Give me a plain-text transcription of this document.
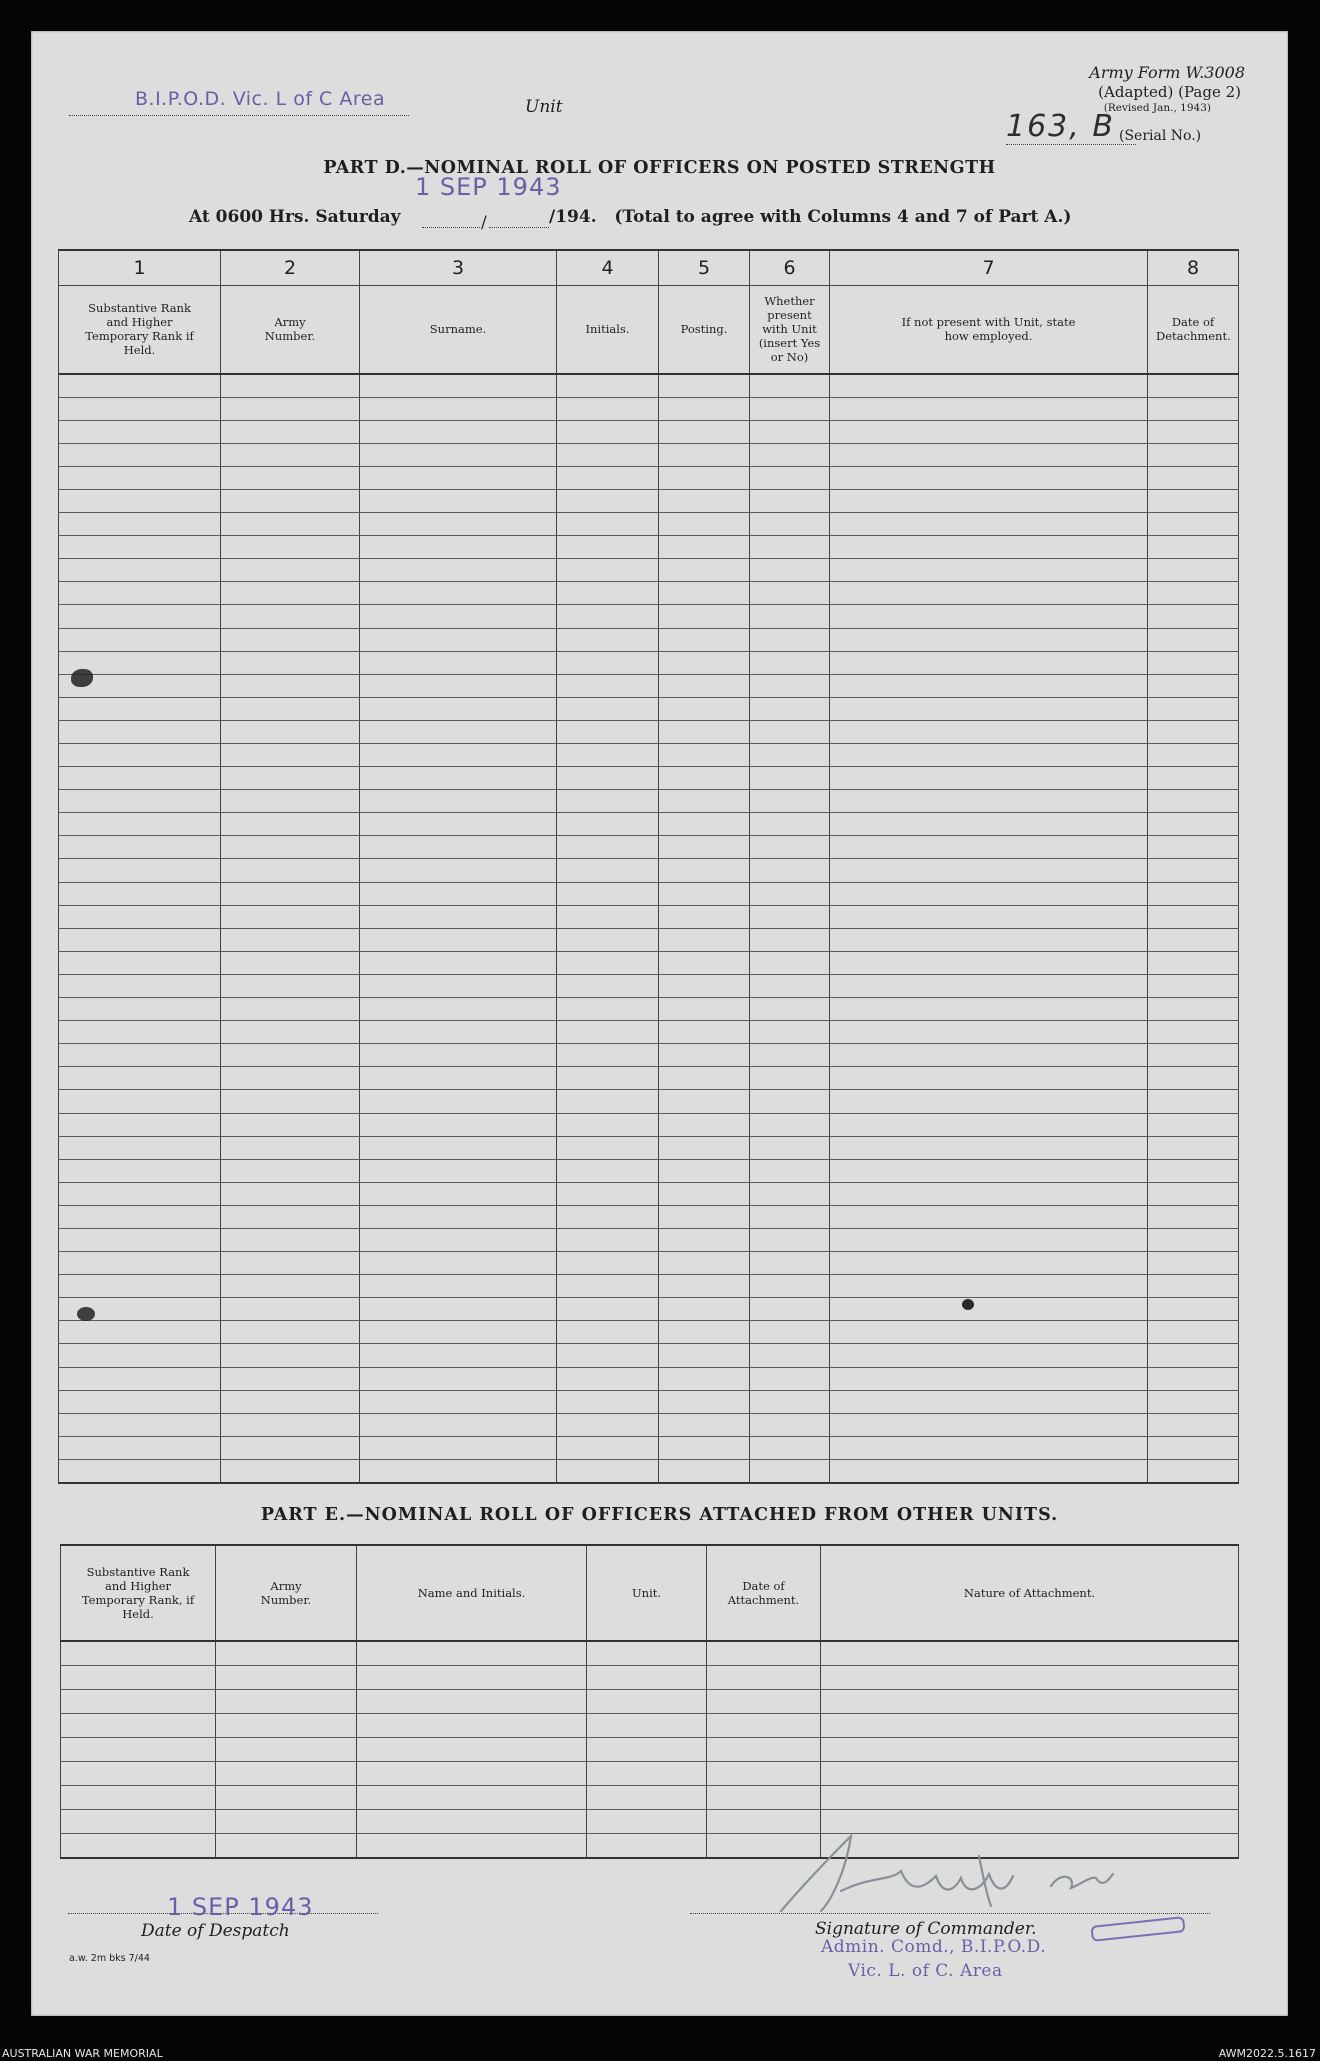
Army Form W.3008
(Adapted) (Page 2)
(Revised Jan., 1943)
163, B (Serial No.)
B.I.P.O.D. Vic. L of C Area	Unit
PART D.—NOMINAL ROLL OF OFFICERS ON POSTED STRENGTH
1 SEP 1943
At 0600 Hrs. Saturday	/	/194.   (Total to agree with Columns 4 and 7 of Part A.)
1	2	3	4	5	6	7	8
Substantive Rank and Higher Temporary Rank if Held.	Army Number.	Surname.	Initials.	Posting.	Whether present with Unit (insert Yes or No)	If not present with Unit, state how employed.	Date of Detachment.

PART E.—NOMINAL ROLL OF OFFICERS ATTACHED FROM OTHER UNITS.
Substantive Rank and Higher Temporary Rank, if Held.	Army Number.	Name and Initials.	Unit.	Date of Attachment.	Nature of Attachment.

1 SEP 1943
Date of Despatch
a.w. 2m bks 7/44
Signature of Commander.
Admin. Comd., B.I.P.O.D.
Vic. L. of C. Area
AUSTRALIAN WAR MEMORIAL	AWM2022.5.1617
